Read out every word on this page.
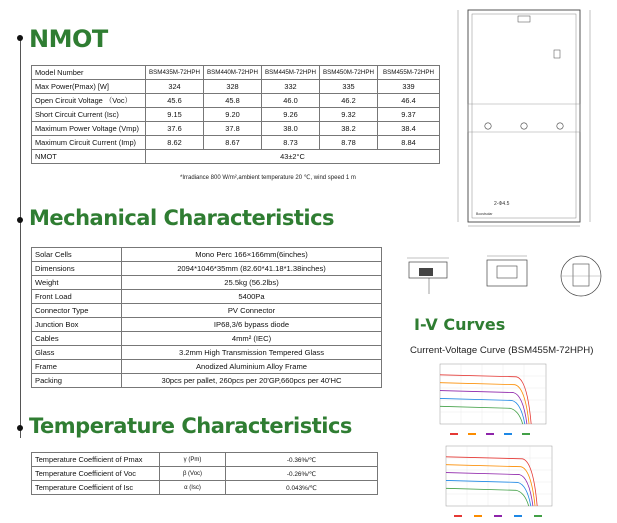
NMOT
Model Number	BSM435M-72HPH	BSM440M-72HPH	BSM445M-72HPH	BSM450M-72HPH	BSM455M-72HPH
Max Power(Pmax) [W]	324	328	332	335	339
Open Circuit Voltage （Voc）	45.6	45.8	46.0	46.2	46.4
Short Circuit Current (Isc)	9.15	9.20	9.26	9.32	9.37
Maximum Power Voltage (Vmp)	37.6	37.8	38.0	38.2	38.4
Maximum Circuit Current (Imp)	8.62	8.67	8.73	8.78	8.84
NMOT	43±2°C				
*Irradiance 800 W/m²,ambient temperature 20 ℃, wind speed 1 m
2-Φ4.5
Boostsolar
Mechanical Characteristics
Solar Cells	Mono Perc 166×166mm(6inches)
Dimensions	2094*1046*35mm (82.60*41.18*1.38inches)
Weight	25.5kg (56.2lbs)
Front Load	5400Pa
Connector Type	PV Connector
Junction Box	IP68,3/6 bypass diode
Cables	4mm² (IEC)
Glass	3.2mm High Transmission Tempered Glass
Frame	Anodized Aluminium Alloy Frame
Packing	30pcs per pallet, 260pcs per 20'GP,660pcs per 40'HC
I-V Curves
Current-Voltage Curve (BSM455M-72HPH)
Temperature Characteristics
Temperature Coefficient of Pmax	γ (Pm)	-0.36%/℃
Temperature Coefficient of Voc	β (Voc)	-0.26%/℃
Temperature Coefficient of Isc	α (Isc)	0.043%/℃
